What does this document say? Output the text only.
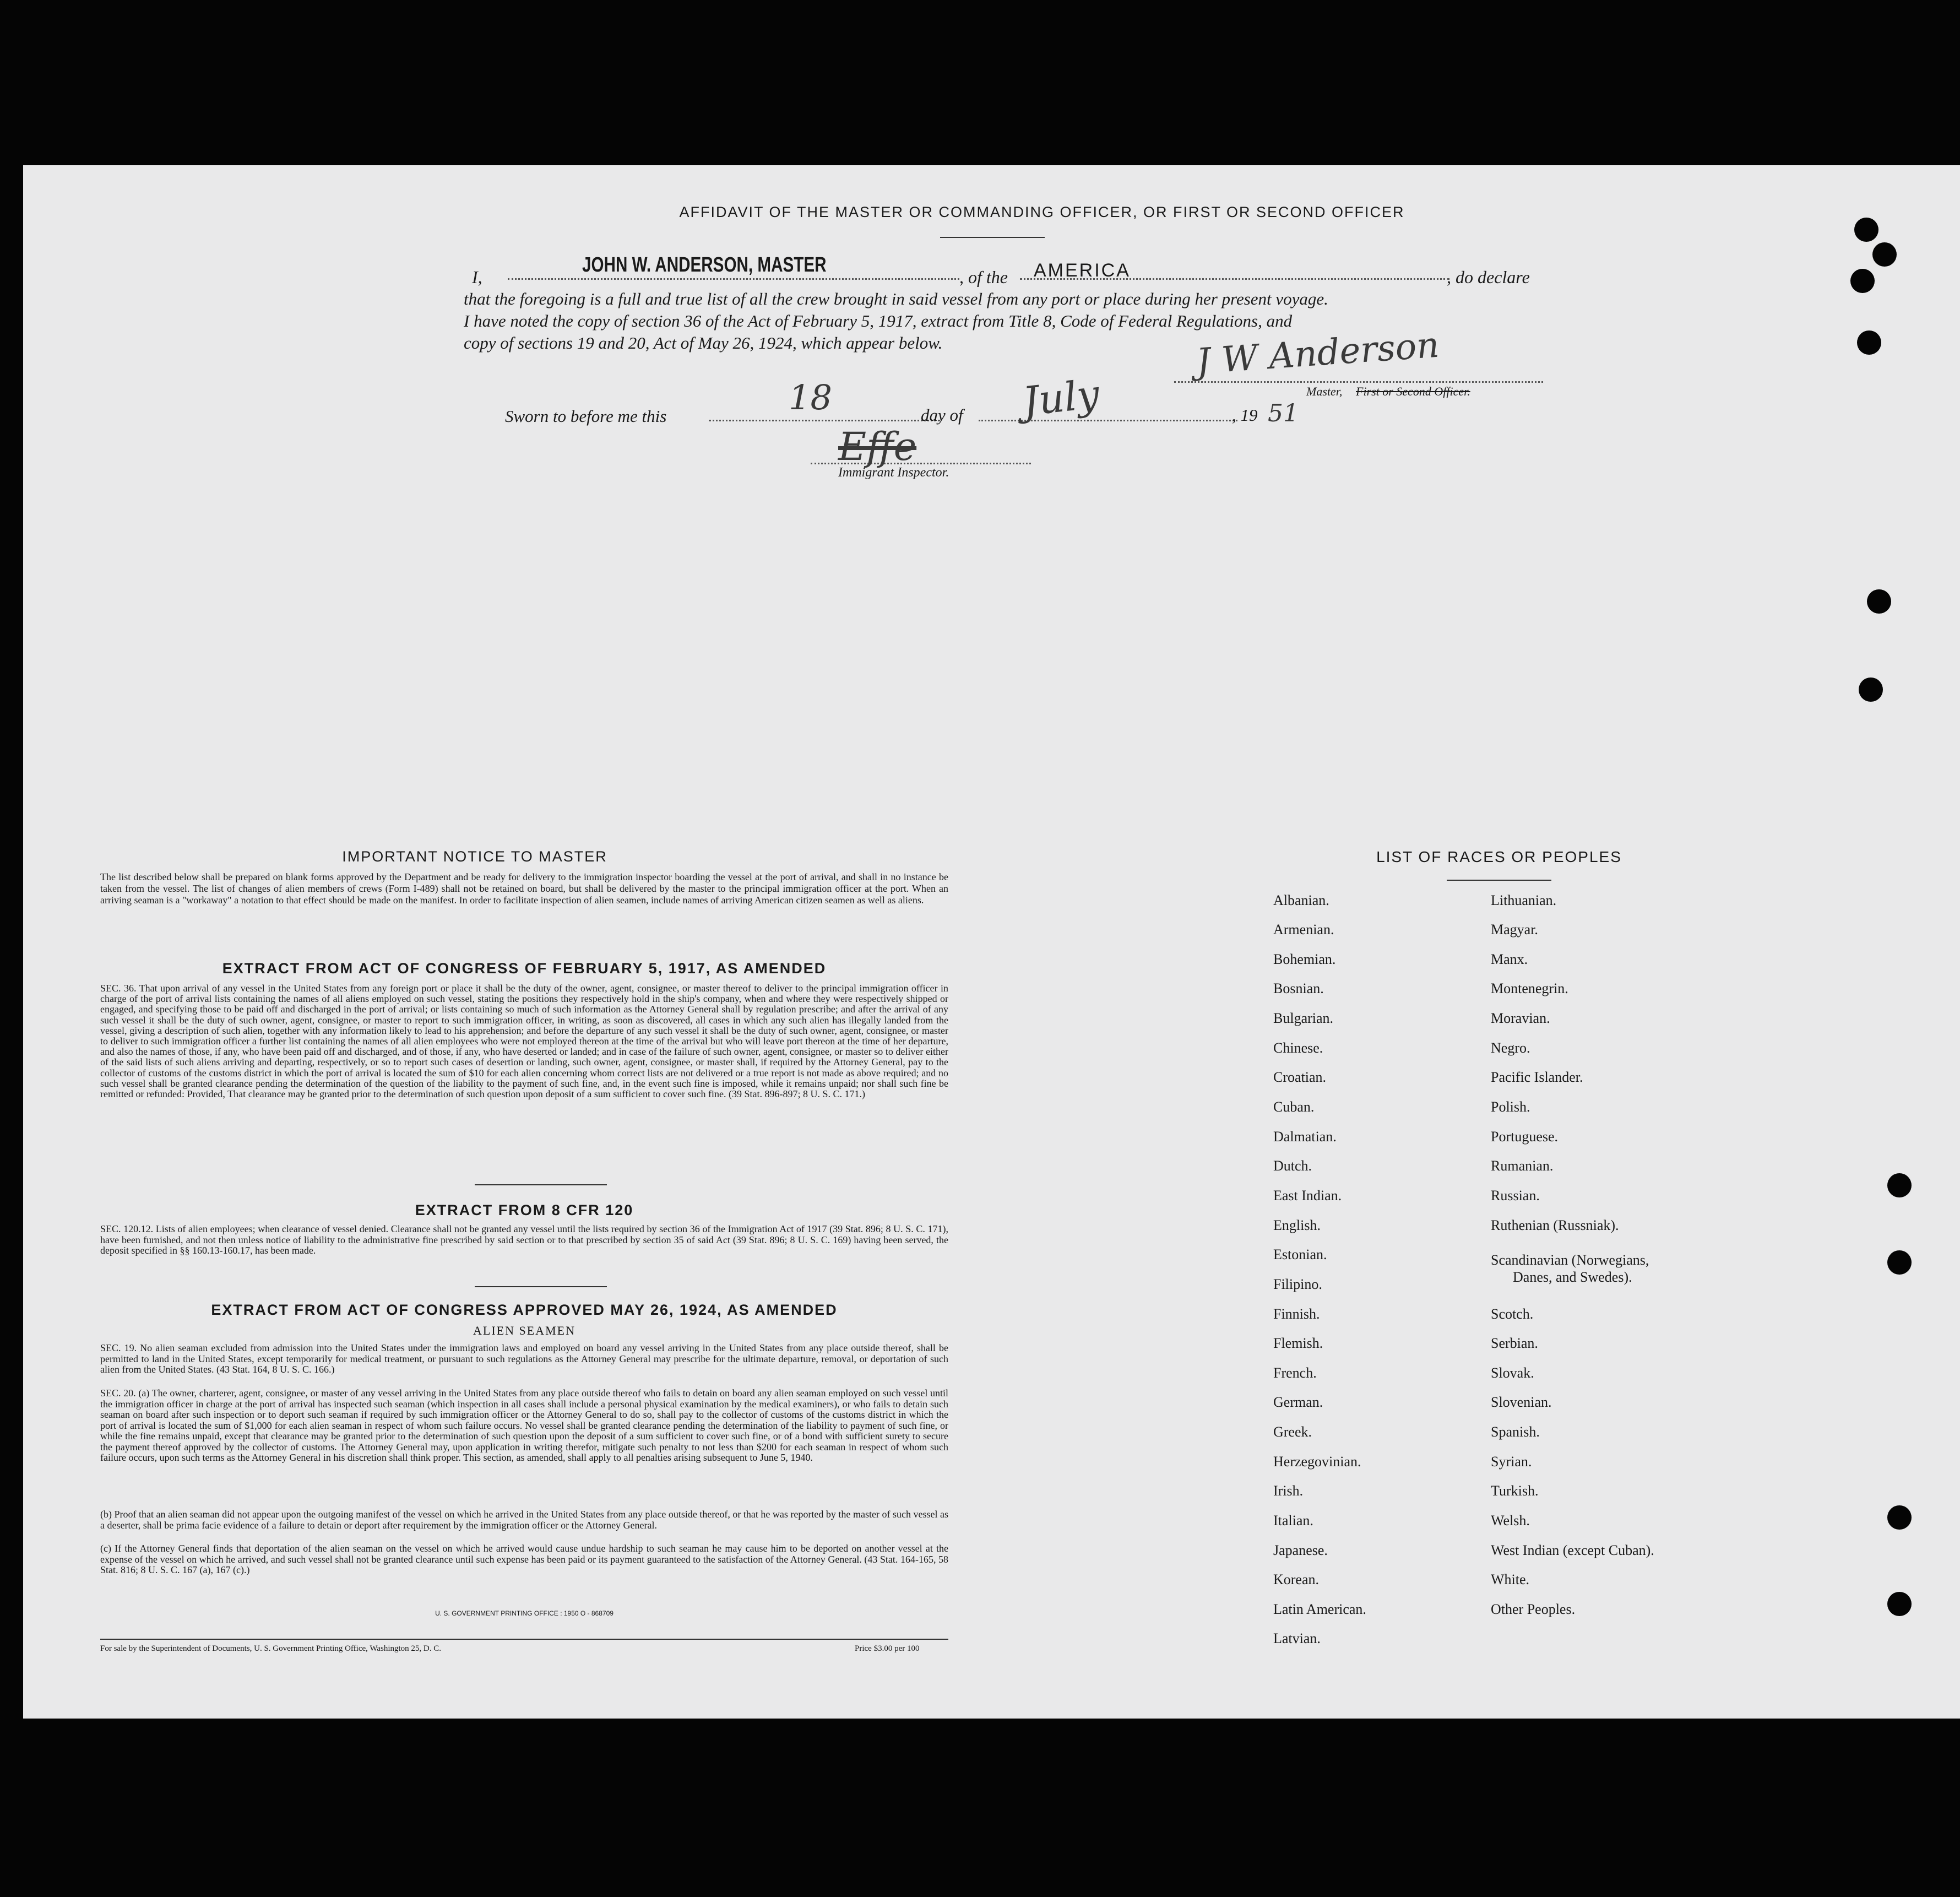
AFFIDAVIT OF THE MASTER OR COMMANDING OFFICER, OR FIRST OR SECOND OFFICER
I,
JOHN W. ANDERSON, MASTER
, of the AMERICA	, do declare
that the foregoing is a full and true list of all the crew brought in said vessel from any port or place during her present voyage.
I have noted the copy of section 36 of the Act of February 5, 1917, extract from Title 8, Code of Federal Regulations, and
copy of sections 19 and 20, Act of May 26, 1924, which appear below.	J W Anderson
Master, First or Second Officer.
Sworn to before me this	18	day of July	, 19 51
Effe
Immigrant Inspector.
IMPORTANT NOTICE TO MASTER
The list described below shall be prepared on blank forms approved by the Department and be ready for delivery to the immigration inspector boarding the vessel at the port of arrival, and shall in no instance be taken from the vessel. The list of changes of alien members of crews (Form I-489) shall not be retained on board, but shall be delivered by the master to the principal immigration officer at the port. When an arriving seaman is a "workaway" a notation to that effect should be made on the manifest. In order to facilitate inspection of alien seamen, include names of arriving American citizen seamen as well as aliens.
EXTRACT FROM ACT OF CONGRESS OF FEBRUARY 5, 1917, AS AMENDED
SEC. 36. That upon arrival of any vessel in the United States from any foreign port or place it shall be the duty of the owner, agent, consignee, or master thereof to deliver to the principal immigration officer in charge of the port of arrival lists containing the names of all aliens employed on such vessel, stating the positions they respectively hold in the ship's company, when and where they were respectively shipped or engaged, and specifying those to be paid off and discharged in the port of arrival; or lists containing so much of such information as the Attorney General shall by regulation prescribe; and after the arrival of any such vessel it shall be the duty of such owner, agent, consignee, or master to report to such immigration officer, in writing, as soon as discovered, all cases in which any such alien has illegally landed from the vessel, giving a description of such alien, together with any information likely to lead to his apprehension; and before the departure of any such vessel it shall be the duty of such owner, agent, consignee, or master to deliver to such immigration officer a further list containing the names of all alien employees who were not employed thereon at the time of the arrival but who will leave port thereon at the time of her departure, and also the names of those, if any, who have been paid off and discharged, and of those, if any, who have deserted or landed; and in case of the failure of such owner, agent, consignee, or master so to deliver either of the said lists of such aliens arriving and departing, respectively, or so to report such cases of desertion or landing, such owner, agent, consignee, or master shall, if required by the Attorney General, pay to the collector of customs of the customs district in which the port of arrival is located the sum of $10 for each alien concerning whom correct lists are not delivered or a true report is not made as above required; and no such vessel shall be granted clearance pending the determination of the question of the liability to the payment of such fine, and, in the event such fine is imposed, while it remains unpaid; nor shall such fine be remitted or refunded: Provided, That clearance may be granted prior to the determination of such question upon deposit of a sum sufficient to cover such fine. (39 Stat. 896-897; 8 U. S. C. 171.)
EXTRACT FROM 8 CFR 120
SEC. 120.12. Lists of alien employees; when clearance of vessel denied. Clearance shall not be granted any vessel until the lists required by section 36 of the Immigration Act of 1917 (39 Stat. 896; 8 U. S. C. 171), have been furnished, and not then unless notice of liability to the administrative fine prescribed by said section or to that prescribed by section 35 of said Act (39 Stat. 896; 8 U. S. C. 169) having been served, the deposit specified in §§ 160.13-160.17, has been made.
EXTRACT FROM ACT OF CONGRESS APPROVED MAY 26, 1924, AS AMENDED
ALIEN SEAMEN
SEC. 19. No alien seaman excluded from admission into the United States under the immigration laws and employed on board any vessel arriving in the United States from any place outside thereof, shall be permitted to land in the United States, except temporarily for medical treatment, or pursuant to such regulations as the Attorney General may prescribe for the ultimate departure, removal, or deportation of such alien from the United States. (43 Stat. 164, 8 U. S. C. 166.)
SEC. 20. (a) The owner, charterer, agent, consignee, or master of any vessel arriving in the United States from any place outside thereof who fails to detain on board any alien seaman employed on such vessel until the immigration officer in charge at the port of arrival has inspected such seaman (which inspection in all cases shall include a personal physical examination by the medical examiners), or who fails to detain such seaman on board after such inspection or to deport such seaman if required by such immigration officer or the Attorney General to do so, shall pay to the collector of customs of the customs district in which the port of arrival is located the sum of $1,000 for each alien seaman in respect of whom such failure occurs. No vessel shall be granted clearance pending the determination of the liability to payment of such fine, or while the fine remains unpaid, except that clearance may be granted prior to the determination of such question upon the deposit of a sum sufficient to cover such fine, or of a bond with sufficient surety to secure the payment thereof approved by the collector of customs. The Attorney General may, upon application in writing therefor, mitigate such penalty to not less than $200 for each seaman in respect of whom such failure occurs, upon such terms as the Attorney General in his discretion shall think proper. This section, as amended, shall apply to all penalties arising subsequent to June 5, 1940.
(b) Proof that an alien seaman did not appear upon the outgoing manifest of the vessel on which he arrived in the United States from any place outside thereof, or that he was reported by the master of such vessel as a deserter, shall be prima facie evidence of a failure to detain or deport after requirement by the immigration officer or the Attorney General.
(c) If the Attorney General finds that deportation of the alien seaman on the vessel on which he arrived would cause undue hardship to such seaman he may cause him to be deported on another vessel at the expense of the vessel on which he arrived, and such vessel shall not be granted clearance until such expense has been paid or its payment guaranteed to the satisfaction of the Attorney General. (43 Stat. 164-165, 58 Stat. 816; 8 U. S. C. 167 (a), 167 (c).)
U. S. GOVERNMENT PRINTING OFFICE : 1950 O - 868709
For sale by the Superintendent of Documents, U. S. Government Printing Office, Washington 25, D. C.	Price $3.00 per 100
LIST OF RACES OR PEOPLES
Albanian.
Armenian.
Bohemian.
Bosnian.
Bulgarian.
Chinese.
Croatian.
Cuban.
Dalmatian.
Dutch.
East Indian.
English.
Estonian.
Filipino.
Finnish.
Flemish.
French.
German.
Greek.
Herzegovinian.
Irish.
Italian.
Japanese.
Korean.
Latin American.
Latvian.
Lithuanian.
Magyar.
Manx.
Montenegrin.
Moravian.
Negro.
Pacific Islander.
Polish.
Portuguese.
Rumanian.
Russian.
Ruthenian (Russniak).
Scandinavian (Norwegians,
Danes, and Swedes).
Scotch.
Serbian.
Slovak.
Slovenian.
Spanish.
Syrian.
Turkish.
Welsh.
West Indian (except Cuban).
White.
Other Peoples.
